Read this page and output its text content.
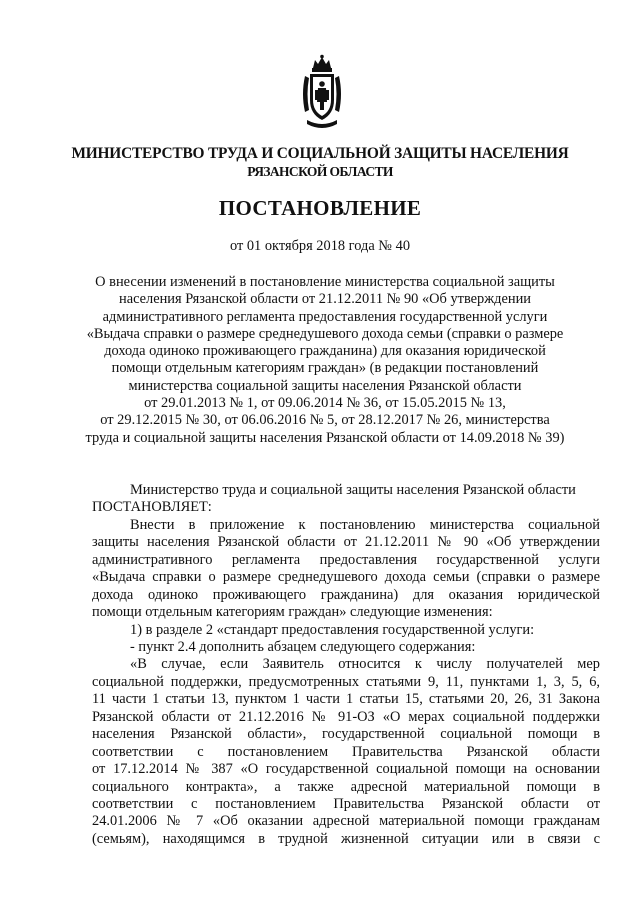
МИНИСТЕРСТВО ТРУДА И СОЦИАЛЬНОЙ ЗАЩИТЫ НАСЕЛЕНИЯ
РЯЗАНСКОЙ ОБЛАСТИ
ПОСТАНОВЛЕНИЕ
от 01 октября 2018 года № 40
О внесении изменений в постановление министерства социальной защиты
населения Рязанской области от 21.12.2011 № 90 «Об утверждении
административного регламента предоставления государственной услуги
«Выдача справки о размере среднедушевого дохода семьи (справки о размере
дохода одиноко проживающего гражданина) для оказания юридической
помощи отдельным категориям граждан» (в редакции постановлений
министерства социальной защиты населения Рязанской области
от 29.01.2013 № 1, от 09.06.2014 № 36, от 15.05.2015 № 13,
от 29.12.2015 № 30, от 06.06.2016 № 5, от 28.12.2017 № 26, министерства
труда и социальной защиты населения Рязанской области от 14.09.2018 № 39)
Министерство труда и социальной защиты населения Рязанской области
ПОСТАНОВЛЯЕТ:
Внести в приложение к постановлению министерства социальной
защиты населения Рязанской области от 21.12.2011 № 90 «Об утверждении
административного регламента предоставления государственной услуги
«Выдача справки о размере среднедушевого дохода семьи (справки о размере
дохода одиноко проживающего гражданина) для оказания юридической
помощи отдельным категориям граждан» следующие изменения:
1) в разделе 2 «стандарт предоставления государственной услуги:
- пункт 2.4 дополнить абзацем следующего содержания:
«В случае, если Заявитель относится к числу получателей мер
социальной поддержки, предусмотренных статьями 9, 11, пунктами 1, 3, 5, 6,
11 части 1 статьи 13, пунктом 1 части 1 статьи 15, статьями 20, 26, 31 Закона
Рязанской области от 21.12.2016 № 91-ОЗ «О мерах социальной поддержки
населения Рязанской области», государственной социальной помощи в
соответствии с постановлением Правительства Рязанской области
от 17.12.2014 № 387 «О государственной социальной помощи на основании
социального контракта», а также адресной материальной помощи в
соответствии с постановлением Правительства Рязанской области от
24.01.2006 № 7 «Об оказании адресной материальной помощи гражданам
(семьям), находящимся в трудной жизненной ситуации или в связи с
